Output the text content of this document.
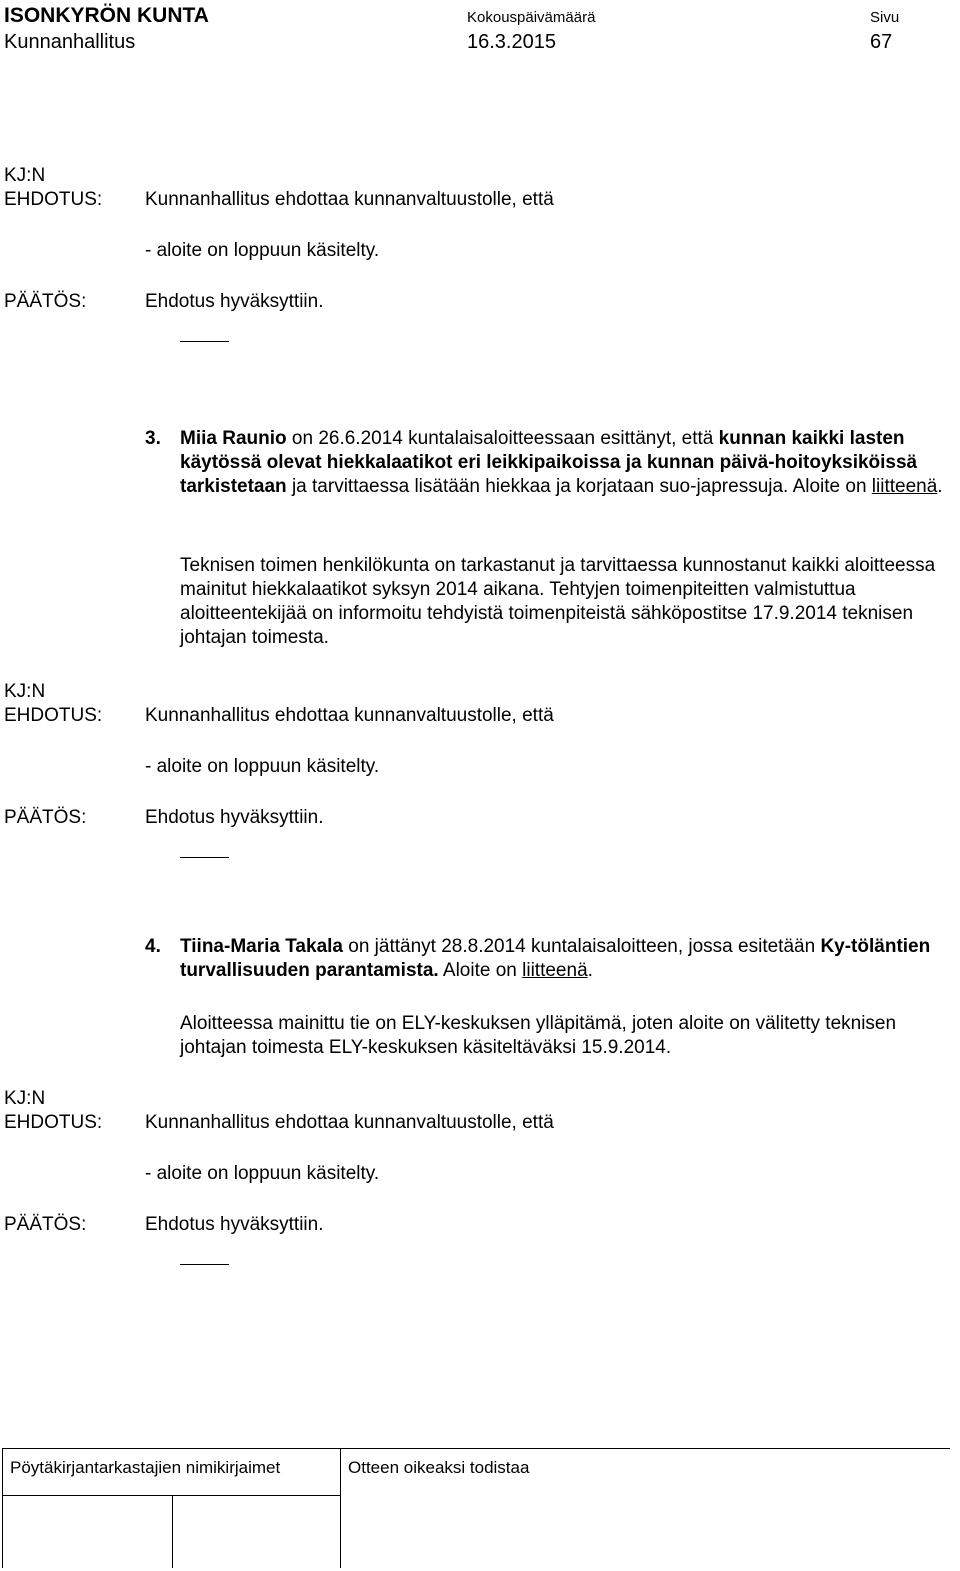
ISONKYRÖN KUNTA
Kunnanhallitus
Kokouspäivämäärä
16.3.2015
Sivu
67
KJ:N
EHDOTUS: Kunnanhallitus ehdottaa kunnanvaltuustolle, että
- aloite on loppuun käsitelty.
PÄÄTÖS:	Ehdotus hyväksyttiin.
3. Miia Raunio on 26.6.2014 kuntalaisaloitteessaan esittänyt, että kunnan kaikki lasten käytössä olevat hiekkalaatikot eri leikkipaikoissa ja kunnan päivä-hoitoyksiköissä tarkistetaan ja tarvittaessa lisätään hiekkaa ja korjataan suo-japressuja. Aloite on liitteenä.
Teknisen toimen henkilökunta on tarkastanut ja tarvittaessa kunnostanut kaikki aloitteessa mainitut hiekkalaatikot syksyn 2014 aikana. Tehtyjen toimenpiteitten valmistuttua aloitteentekijää on informoitu tehdyistä toimenpiteistä sähköpostitse 17.9.2014 teknisen johtajan toimesta.
KJ:N
EHDOTUS: Kunnanhallitus ehdottaa kunnanvaltuustolle, että
- aloite on loppuun käsitelty.
PÄÄTÖS:	Ehdotus hyväksyttiin.
4. Tiina-Maria Takala on jättänyt 28.8.2014 kuntalaisaloitteen, jossa esitetään Ky-töläntien turvallisuuden parantamista. Aloite on liitteenä.
Aloitteessa mainittu tie on ELY-keskuksen ylläpitämä, joten aloite on välitetty teknisen johtajan toimesta ELY-keskuksen käsiteltäväksi 15.9.2014.
KJ:N
EHDOTUS: Kunnanhallitus ehdottaa kunnanvaltuustolle, että
- aloite on loppuun käsitelty.
PÄÄTÖS:	Ehdotus hyväksyttiin.
Pöytäkirjantarkastajien nimikirjaimet	Otteen oikeaksi todistaa
